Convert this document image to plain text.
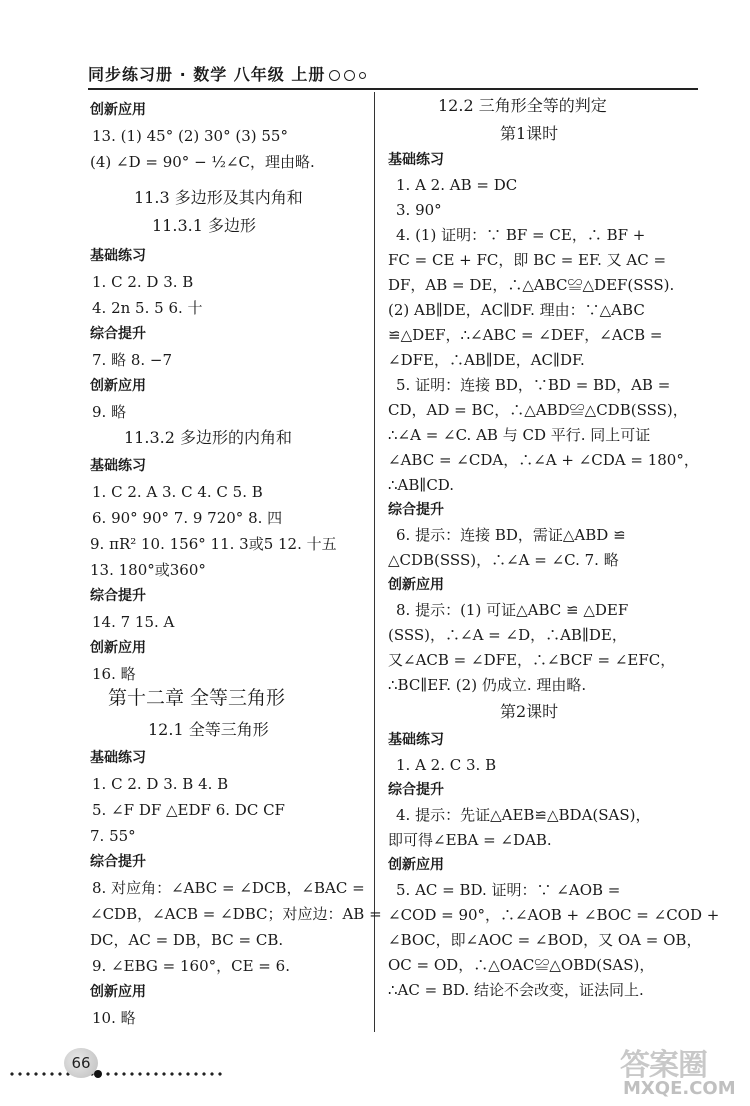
同步练习册 · 数学 八年级 上册
创新应用
13. (1) 45° (2) 30° (3) 55°
(4) ∠D = 90° − ½∠C，理由略.
11.3 多边形及其内角和
11.3.1 多边形
基础练习
1. C 2. D 3. B
4. 2n 5. 5 6. 十
综合提升
7. 略 8. −7
创新应用
9. 略
11.3.2 多边形的内角和
基础练习
1. C 2. A 3. C 4. C 5. B
6. 90° 90° 7. 9 720° 8. 四
9. πR² 10. 156° 11. 3或5 12. 十五
13. 180°或360°
综合提升
14. 7 15. A
创新应用
16. 略
第十二章 全等三角形
12.1 全等三角形
基础练习
1. C 2. D 3. B 4. B
5. ∠F DF △EDF 6. DC CF
7. 55°
综合提升
8. 对应角：∠ABC = ∠DCB，∠BAC =
∠CDB，∠ACB = ∠DBC；对应边：AB =
DC，AC = DB，BC = CB.
9. ∠EBG = 160°，CE = 6.
创新应用
10. 略
12.2 三角形全等的判定
第1课时
基础练习
1. A 2. AB = DC
3. 90°
4. (1) 证明：∵ BF = CE，∴ BF +
FC = CE + FC，即 BC = EF. 又 AC =
DF，AB = DE，∴△ABC≌△DEF(SSS).
(2) AB∥DE，AC∥DF. 理由：∵△ABC
≌△DEF，∴∠ABC = ∠DEF，∠ACB =
∠DFE，∴AB∥DE，AC∥DF.
5. 证明：连接 BD，∵BD = BD，AB =
CD，AD = BC，∴△ABD≌△CDB(SSS)，
∴∠A = ∠C. AB 与 CD 平行. 同上可证
∠ABC = ∠CDA，∴∠A + ∠CDA = 180°，
∴AB∥CD.
综合提升
6. 提示：连接 BD，需证△ABD ≌
△CDB(SSS)，∴∠A = ∠C. 7. 略
创新应用
8. 提示：(1) 可证△ABC ≌ △DEF
(SSS)，∴∠A = ∠D，∴AB∥DE，
又∠ACB = ∠DFE，∴∠BCF = ∠EFC，
∴BC∥EF. (2) 仍成立. 理由略.
第2课时
基础练习
1. A 2. C 3. B
综合提升
4. 提示：先证△AEB≌△BDA(SAS)，
即可得∠EBA = ∠DAB.
创新应用
5. AC = BD. 证明：∵ ∠AOB =
∠COD = 90°，∴∠AOB + ∠BOC = ∠COD +
∠BOC，即∠AOC = ∠BOD，又 OA = OB，
OC = OD，∴△OAC≌△OBD(SAS)，
∴AC = BD. 结论不会改变，证法同上.
66	答案圈
MXQE.COM
